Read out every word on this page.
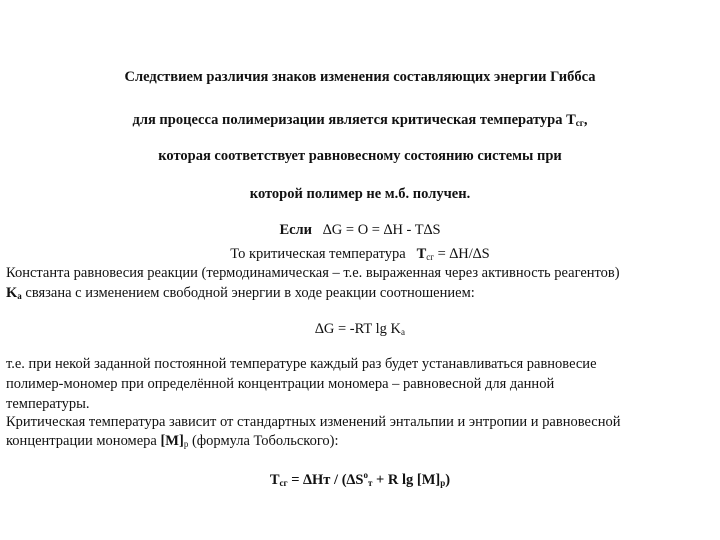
Следствием различия знаков изменения составляющих энергии Гиббса
для процесса полимеризации является критическая температура $T_{сг}$,
которая соответствует равновесному состоянию системы при
которой полимер не м.б. получен.
Если ∆G = O = ∆H - T∆S
То критическая температура $T_{сг} = \Delta H/\Delta S$
Константа равновесия реакции (термодинамическая – т.е. выраженная через активность реагентов)
$K_a$ связана с изменением свободной энергии в ходе реакции соотношением:
∆G = -RT $\lg K_a$
т.е. при некой заданной постоянной температуре каждый раз будет устанавливаться равновесие
полимер-мономер при определённой концентрации мономера – равновесной для данной
температуры.
Критическая температура зависит от стандартных изменений энтальпии и энтропии и равновесной
концентрации мономера $[M]_p$ (формула Тобольского):
$T_{сг} = \Delta Hт / (\Delta S^o_т + R$ $\lg [M]_p$)
